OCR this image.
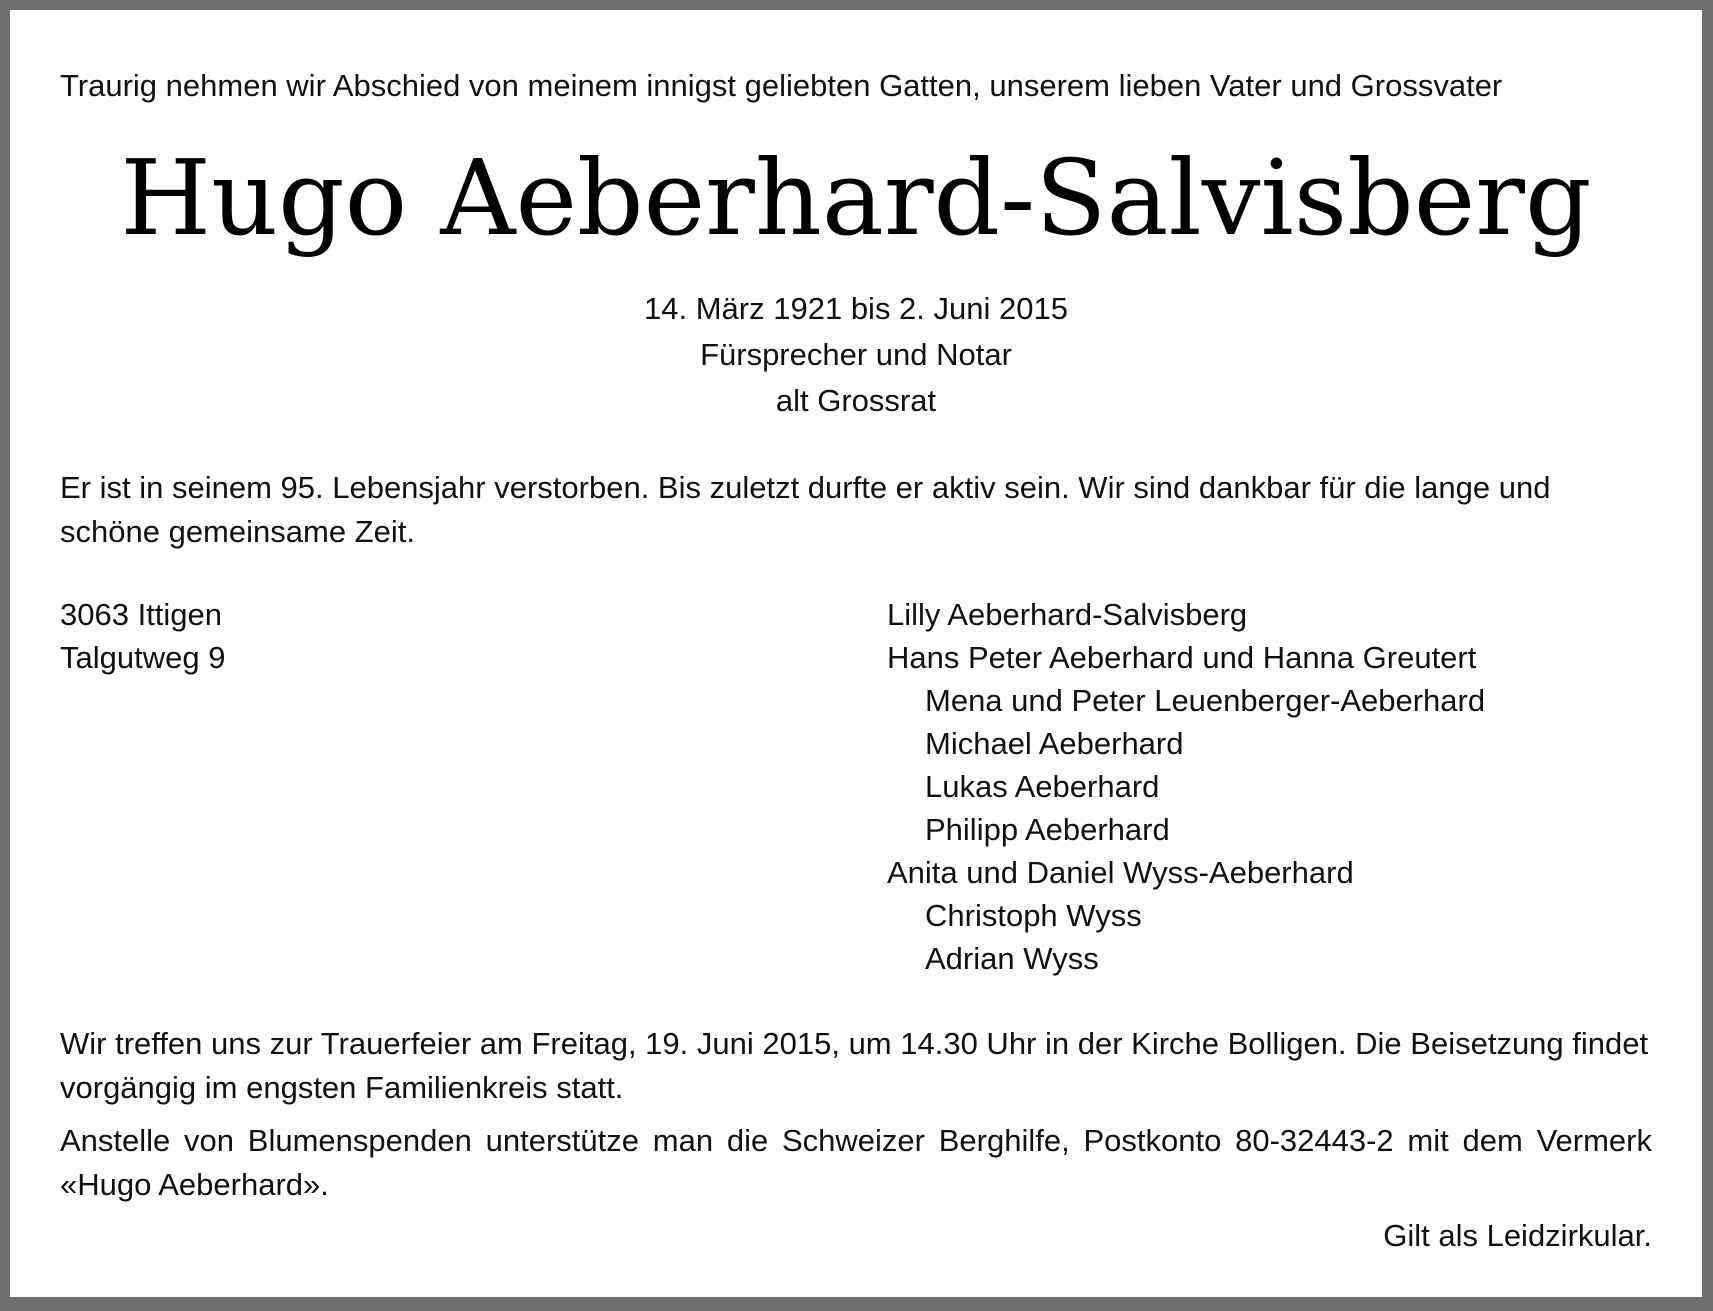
Traurig nehmen wir Abschied von meinem innigst geliebten Gatten, unserem lieben Vater und Grossvater
Hugo Aeberhard-Salvisberg
14. März 1921 bis 2. Juni 2015
Fürsprecher und Notar
alt Grossrat
Er ist in seinem 95. Lebensjahr verstorben. Bis zuletzt durfte er aktiv sein. Wir sind dankbar für die lange und schöne gemeinsame Zeit.
3063 Ittigen
Talgutweg 9
Lilly Aeberhard-Salvisberg
Hans Peter Aeberhard und Hanna Greutert
Mena und Peter Leuenberger-Aeberhard
Michael Aeberhard
Lukas Aeberhard
Philipp Aeberhard
Anita und Daniel Wyss-Aeberhard
Christoph Wyss
Adrian Wyss
Wir treffen uns zur Trauerfeier am Freitag, 19. Juni 2015, um 14.30 Uhr in der Kirche Bolligen. Die Beisetzung findet vorgängig im engsten Familienkreis statt.
Anstelle von Blumenspenden unterstütze man die Schweizer Berghilfe, Postkonto 80-32443-2 mit dem Vermerk «Hugo Aeberhard».
Gilt als Leidzirkular.
